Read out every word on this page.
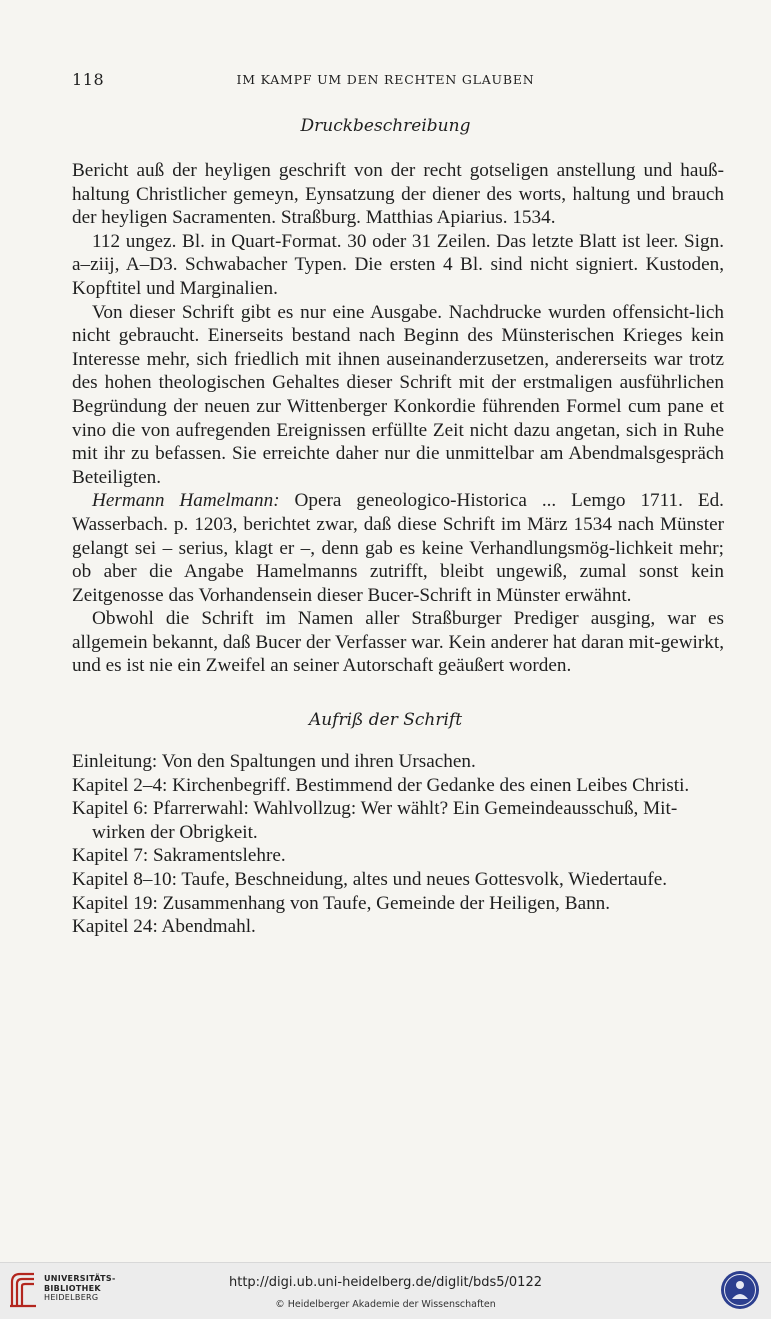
118	IM KAMPF UM DEN RECHTEN GLAUBEN
Druckbeschreibung

Bericht auß der heyligen geschrift von der recht gotseligen anstellung und hauß-haltung Christlicher gemeyn, Eynsatzung der diener des worts, haltung und brauch der heyligen Sacramenten. Straßburg. Matthias Apiarius. 1534.

112 ungez. Bl. in Quart-Format. 30 oder 31 Zeilen. Das letzte Blatt ist leer. Sign. a–ziij, A–D3. Schwabacher Typen. Die ersten 4 Bl. sind nicht signiert. Kustoden, Kopftitel und Marginalien.

Von dieser Schrift gibt es nur eine Ausgabe. Nachdrucke wurden offensicht-lich nicht gebraucht. Einerseits bestand nach Beginn des Münsterischen Krieges kein Interesse mehr, sich friedlich mit ihnen auseinanderzusetzen, andererseits war trotz des hohen theologischen Gehaltes dieser Schrift mit der erstmaligen ausführlichen Begründung der neuen zur Wittenberger Konkordie führenden Formel cum pane et vino die von aufregenden Ereignissen erfüllte Zeit nicht dazu angetan, sich in Ruhe mit ihr zu befassen. Sie erreichte daher nur die unmittelbar am Abendmalsgespräch Beteiligten.

Hermann Hamelmann: Opera geneologico-Historica ... Lemgo 1711. Ed. Wasserbach. p. 1203, berichtet zwar, daß diese Schrift im März 1534 nach Münster gelangt sei – serius, klagt er –, denn gab es keine Verhandlungsmög-lichkeit mehr; ob aber die Angabe Hamelmanns zutrifft, bleibt ungewiß, zumal sonst kein Zeitgenosse das Vorhandensein dieser Bucer-Schrift in Münster erwähnt.

Obwohl die Schrift im Namen aller Straßburger Prediger ausging, war es allgemein bekannt, daß Bucer der Verfasser war. Kein anderer hat daran mit-gewirkt, und es ist nie ein Zweifel an seiner Autorschaft geäußert worden.

Aufriß der Schrift
Einleitung: Von den Spaltungen und ihren Ursachen.
Kapitel 2–4: Kirchenbegriff. Bestimmend der Gedanke des einen Leibes Christi.
Kapitel 6: Pfarrerwahl: Wahlvollzug: Wer wählt? Ein Gemeindeausschuß, Mit-wirken der Obrigkeit.
Kapitel 7: Sakramentslehre.
Kapitel 8–10: Taufe, Beschneidung, altes und neues Gottesvolk, Wiedertaufe.
Kapitel 19: Zusammenhang von Taufe, Gemeinde der Heiligen, Bann.
Kapitel 24: Abendmahl.
UNIVERSITÄTS-
BIBLIOTHEK
HEIDELBERG
http://digi.ub.uni-heidelberg.de/diglit/bds5/0122
© Heidelberger Akademie der Wissenschaften
